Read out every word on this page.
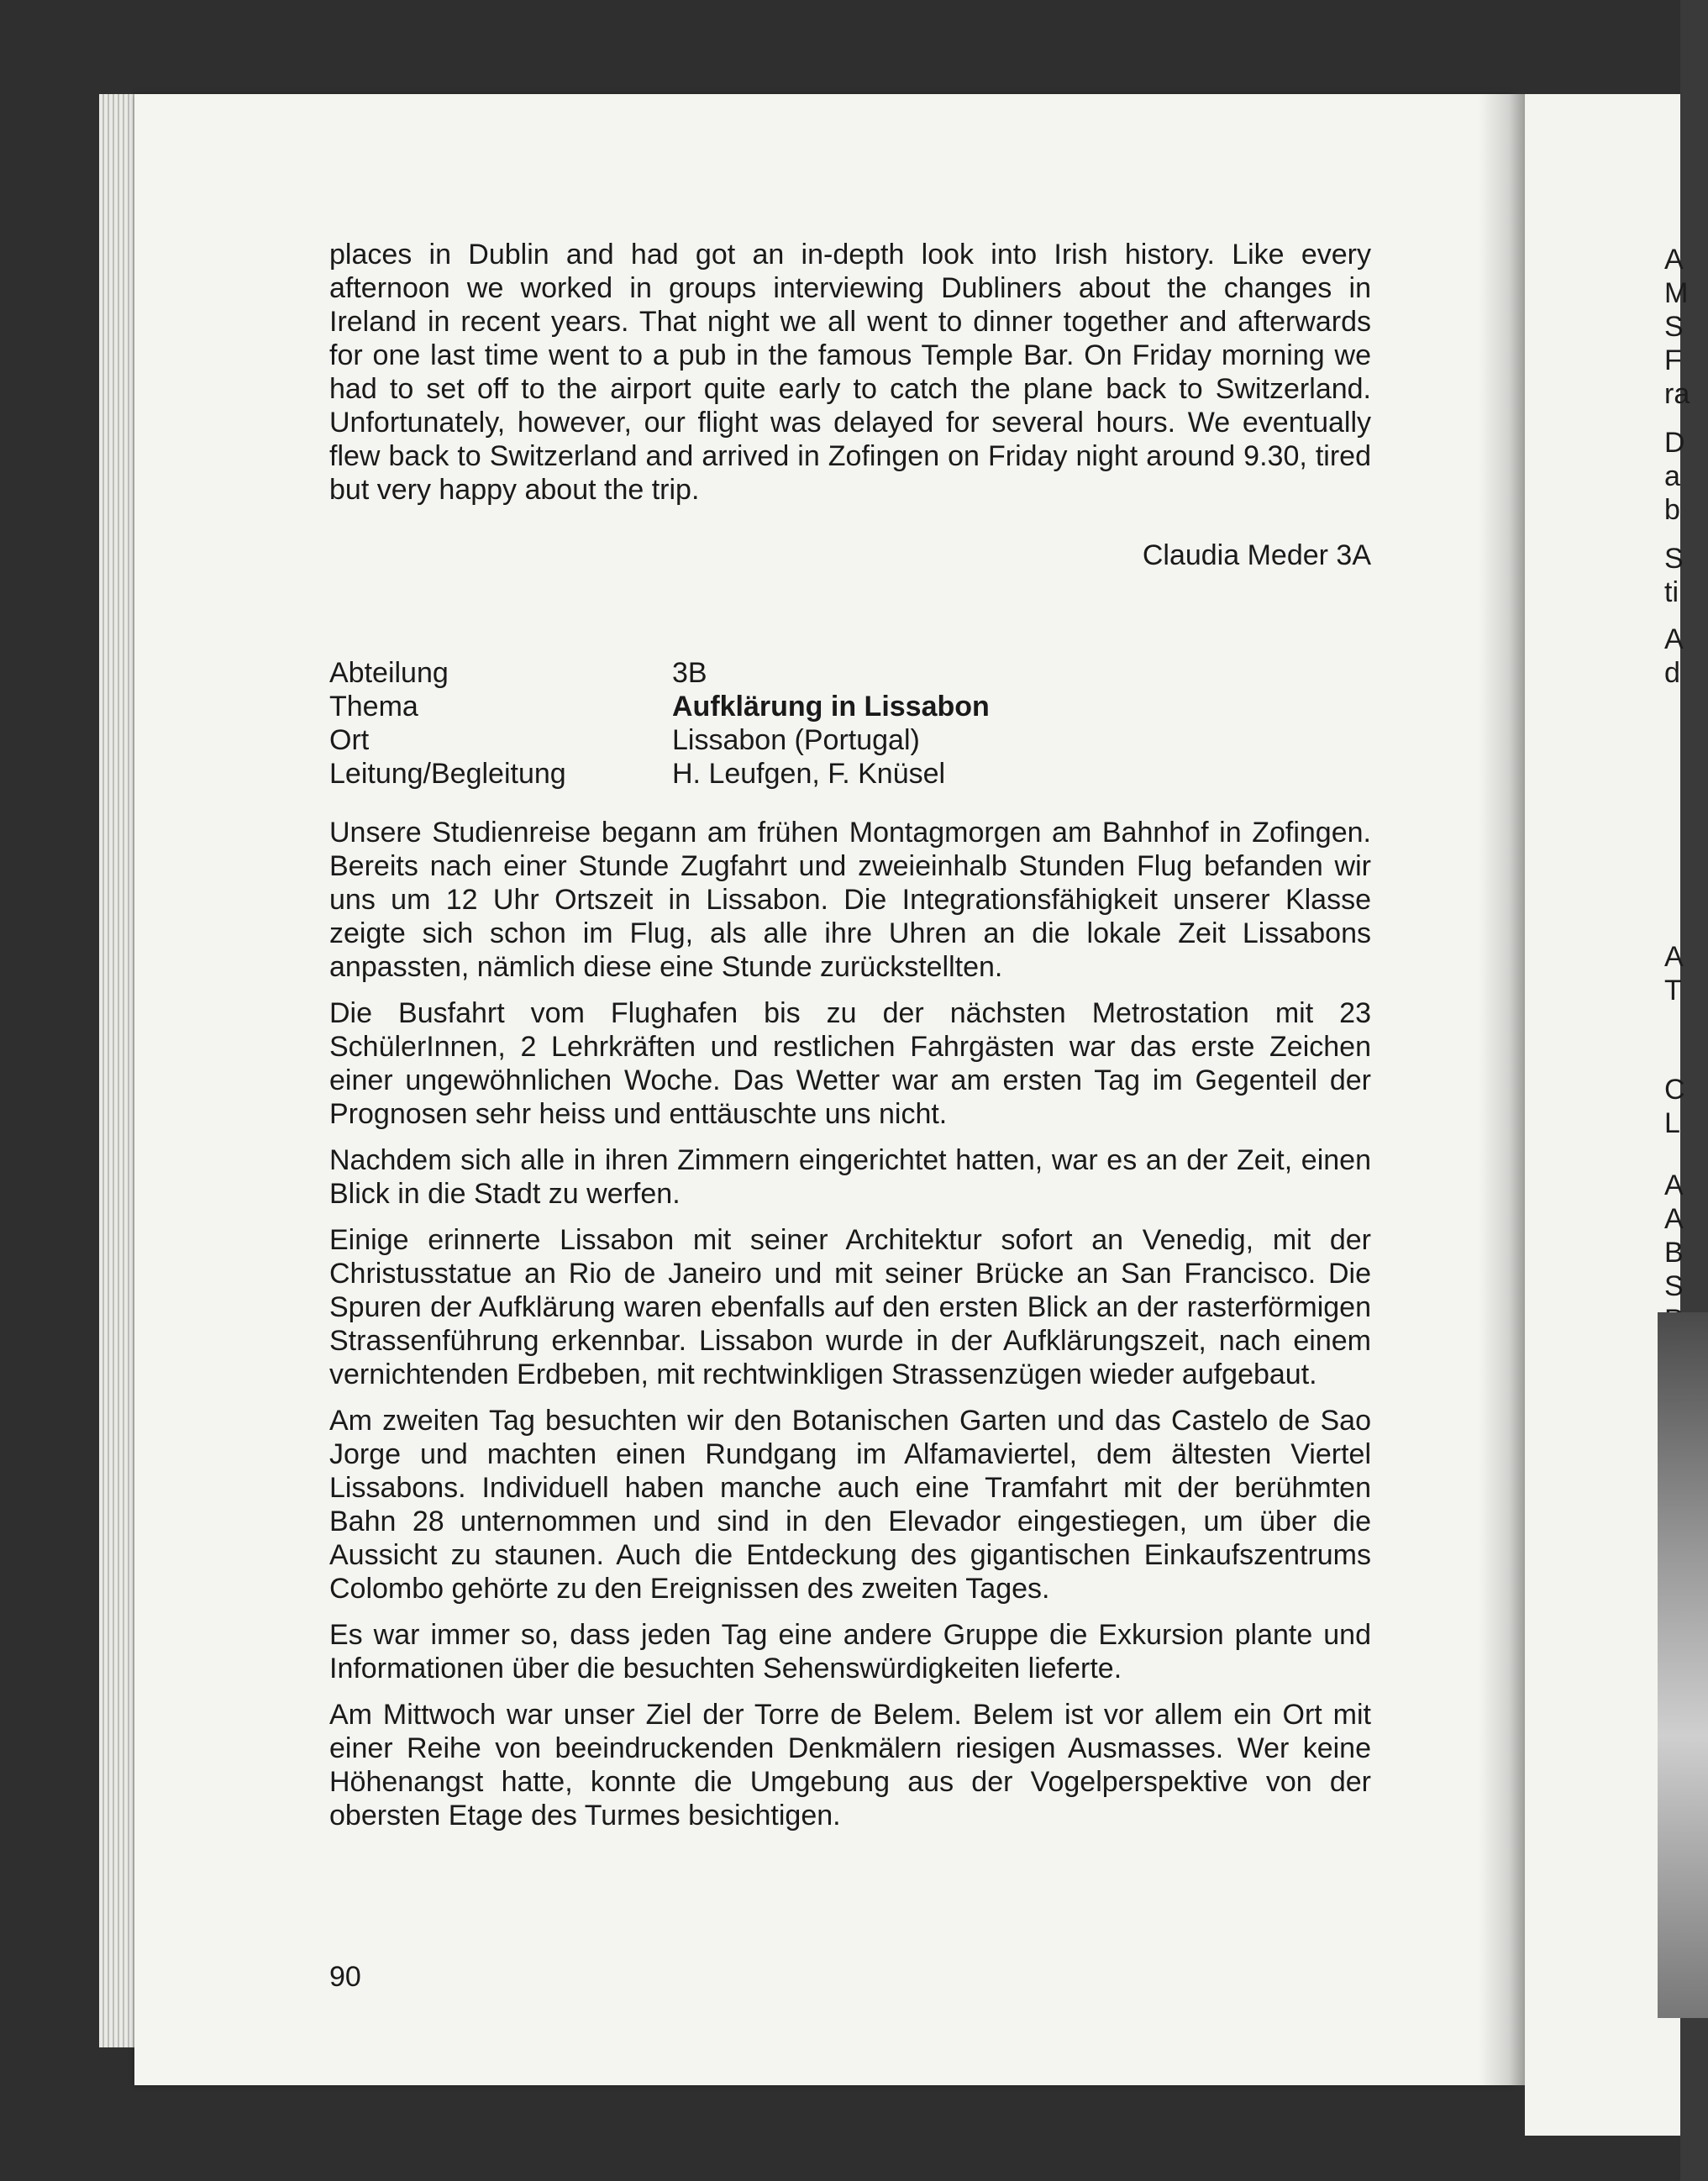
A
M
S
F
ra
D
a
b
S
ti
A
d
A
T
C
L
A
A
B
S

places in Dublin and had got an in-depth look into Irish history. Like every afternoon we worked in groups interviewing Dubliners about the changes in Ireland in recent years. That night we all went to dinner together and afterwards for one last time went to a pub in the famous Temple Bar. On Friday morning we had to set off to the airport quite early to catch the plane back to Switzerland. Unfortunately, however, our flight was delayed for several hours. We eventually flew back to Switzerland and arrived in Zofingen on Friday night around 9.30, tired but very happy about the trip.

Claudia Meder 3A

Abteilung	3B
Thema	Aufklärung in Lissabon
Ort	Lissabon (Portugal)
Leitung/Begleitung	H. Leufgen, F. Knüsel

Unsere Studienreise begann am frühen Montagmorgen am Bahnhof in Zofingen. Bereits nach einer Stunde Zugfahrt und zweieinhalb Stunden Flug befanden wir uns um 12 Uhr Ortszeit in Lissabon. Die Integrationsfähigkeit unserer Klasse zeigte sich schon im Flug, als alle ihre Uhren an die lokale Zeit Lissabons anpassten, nämlich diese eine Stunde zurückstellten.

Die Busfahrt vom Flughafen bis zu der nächsten Metrostation mit 23 SchülerInnen, 2 Lehrkräften und restlichen Fahrgästen war das erste Zeichen einer ungewöhnlichen Woche. Das Wetter war am ersten Tag im Gegenteil der Prognosen sehr heiss und enttäuschte uns nicht.

Nachdem sich alle in ihren Zimmern eingerichtet hatten, war es an der Zeit, einen Blick in die Stadt zu werfen.

Einige erinnerte Lissabon mit seiner Architektur sofort an Venedig, mit der Christusstatue an Rio de Janeiro und mit seiner Brücke an San Francisco. Die Spuren der Aufklärung waren ebenfalls auf den ersten Blick an der rasterförmigen Strassenführung erkennbar. Lissabon wurde in der Aufklärungszeit, nach einem vernichtenden Erdbeben, mit rechtwinkligen Strassenzügen wieder aufgebaut.

Am zweiten Tag besuchten wir den Botanischen Garten und das Castelo de Sao Jorge und machten einen Rundgang im Alfamaviertel, dem ältesten Viertel Lissabons. Individuell haben manche auch eine Tramfahrt mit der berühmten Bahn 28 unternommen und sind in den Elevador eingestiegen, um über die Aussicht zu staunen. Auch die Entdeckung des gigantischen Einkaufszentrums Colombo gehörte zu den Ereignissen des zweiten Tages.

Es war immer so, dass jeden Tag eine andere Gruppe die Exkursion plante und Informationen über die besuchten Sehenswürdigkeiten lieferte.

Am Mittwoch war unser Ziel der Torre de Belem. Belem ist vor allem ein Ort mit einer Reihe von beeindruckenden Denkmälern riesigen Ausmasses. Wer keine Höhenangst hatte, konnte die Umgebung aus der Vogelperspektive von der obersten Etage des Turmes besichtigen.

90
